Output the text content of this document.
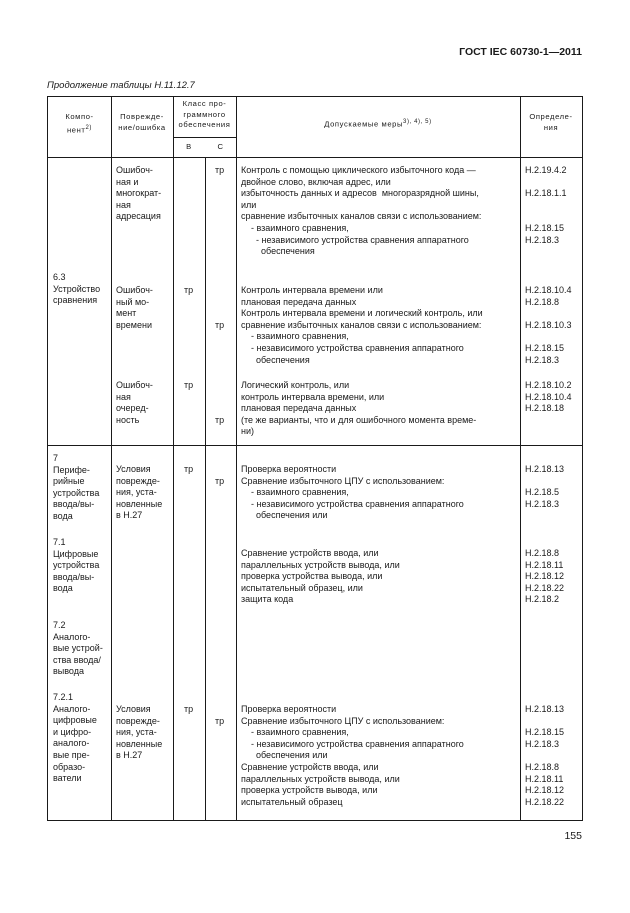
ГОСТ IEC 60730-1—2011
Продолжение таблицы Н.11.12.7
Компо-
нент$^{2)}$
Поврежде-
ние/ошибка
Класс про-
граммного
обеспечения
B	C
Допускаемые меры$^{3), 4), 5)}$
Определе-
ния
Ошибоч-
ная и
многократ-
ная
адресация
тр Контроль с помощью циклического избыточного кода —
двойное слово, включая адрес, или
избыточность данных и адресов  многоразрядной шины,
или
сравнение избыточных каналов связи с использованием:
- взаимного сравнения,
- независимого устройства сравнения аппаратного
обеспечения
Н.2.19.4.2

Н.2.18.1.1

Н.2.18.15
Н.2.18.3
6.3
Устройство
сравнения
Ошибоч-
ный мо-
мент
времени
тр
тр
Контроль интервала времени или
плановая передача данных
Контроль интервала времени и логический контроль, или
сравнение избыточных каналов связи с использованием:
- взаимного сравнения,
- независимого устройства сравнения аппаратного
обеспечения
Н.2.18.10.4
Н.2.18.8

Н.2.18.10.3

Н.2.18.15
Н.2.18.3
Ошибоч-
ная
очеред-
ность
тр
тр
Логический контроль, или
контроль интервала времени, или
плановая передача данных
(те же варианты, что и для ошибочного момента време-
ни)
Н.2.18.10.2
Н.2.18.10.4
Н.2.18.18
7
Перифе-
рийные
устройства
ввода/вы-
вода
Условия
поврежде-
ния, уста-
новленные
в Н.27
тр
тр
Проверка вероятности
Сравнение избыточного ЦПУ с использованием:
- взаимного сравнения,
- независимого устройства сравнения аппаратного
обеспечения или
Н.2.18.13

Н.2.18.5
Н.2.18.3
7.1
Цифровые
устройства
ввода/вы-
вода
Сравнение устройств ввода, или
параллельных устройств вывода, или
проверка устройства вывода, или
испытательный образец, или
защита кода
Н.2.18.8
Н.2.18.11
Н.2.18.12
Н.2.18.22
Н.2.18.2
7.2
Аналого-
вые устрой-
ства ввода/
вывода
7.2.1
Аналого-
цифровые
и цифро-
аналого-
вые пре-
образо-
ватели
Условия
поврежде-
ния, уста-
новленные
в Н.27
тр
тр
Проверка вероятности
Сравнение избыточного ЦПУ с использованием:
- взаимного сравнения,
- независимого устройства сравнения аппаратного
обеспечения или
Сравнение устройств ввода, или
параллельных устройств вывода, или
проверка устройств вывода, или
испытательный образец
Н.2.18.13

Н.2.18.15
Н.2.18.3

Н.2.18.8
Н.2.18.11
Н.2.18.12
Н.2.18.22
155
